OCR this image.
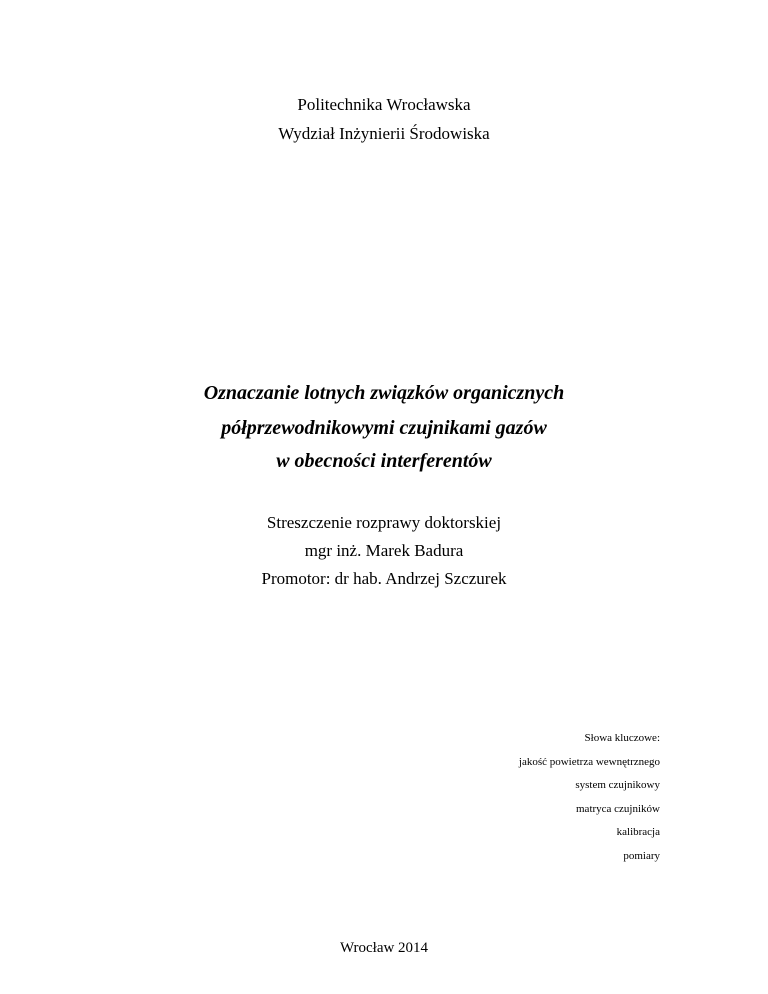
Politechnika Wrocławska
Wydział Inżynierii Środowiska
Oznaczanie lotnych związków organicznych
półprzewodnikowymi czujnikami gazów
w obecności interferentów
Streszczenie rozprawy doktorskiej
mgr inż. Marek Badura
Promotor: dr hab. Andrzej Szczurek
Słowa kluczowe:
jakość powietrza wewnętrznego
system czujnikowy
matryca czujników
kalibracja
pomiary
Wrocław 2014
